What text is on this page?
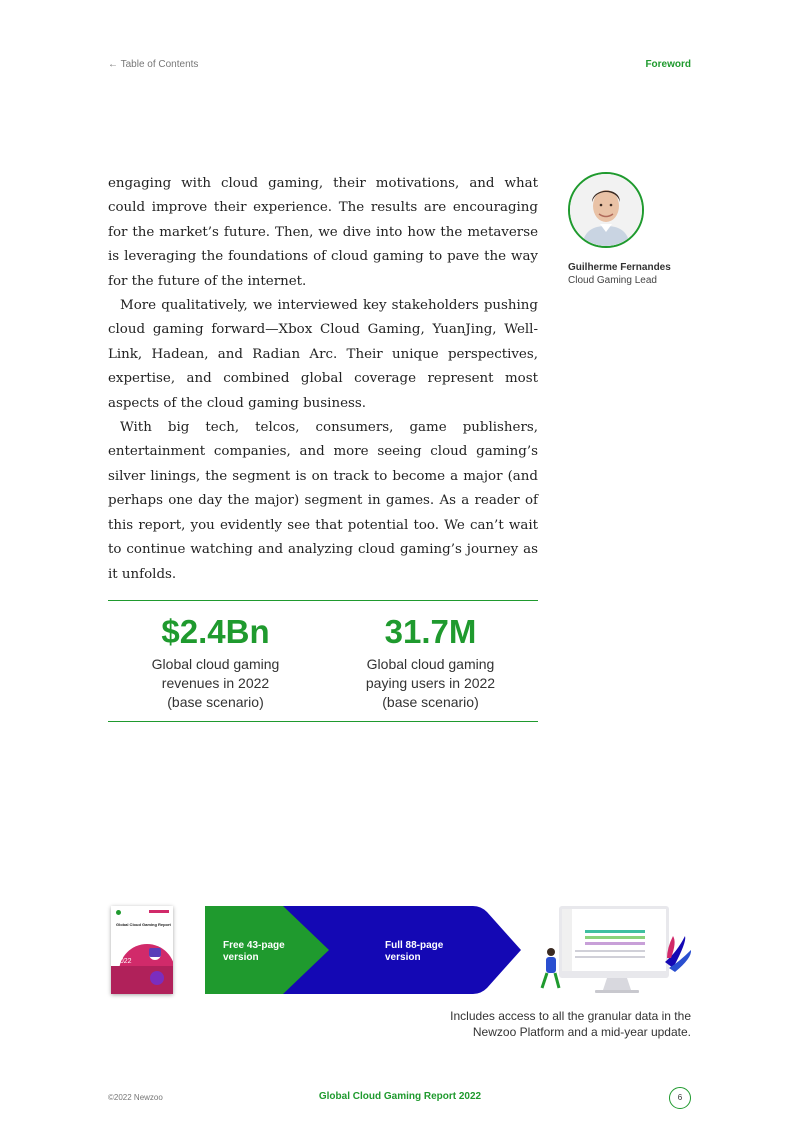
← Table of Contents	Foreword

engaging with cloud gaming, their motivations, and what could improve their experience. The results are encouraging for the market’s future. Then, we dive into how the metaverse is leveraging the foundations of cloud gaming to pave the way for the future of the internet.

More qualitatively, we interviewed key stakeholders pushing cloud gaming forward—Xbox Cloud Gaming, YuanJing, Well-Link, Hadean, and Radian Arc. Their unique perspectives, expertise, and combined global coverage represent most aspects of the cloud gaming business.

With big tech, telcos, consumers, game publishers, entertainment companies, and more seeing cloud gaming’s silver linings, the segment is on track to become a major (and perhaps one day the major) segment in games. As a reader of this report, you evidently see that potential too. We can’t wait to continue watching and analyzing cloud gaming’s journey as it unfolds.

Guilherme Fernandes
Cloud Gaming Lead
$2.4Bn
Global cloud gaming
revenues in 2022
(base scenario)
31.7M
Global cloud gaming
paying users in 2022
(base scenario)
Global Cloud Gaming Report
2022
Free 43-page
version
Full 88-page
version
Includes access to all the granular data in the
Newzoo Platform and a mid-year update.
©2022 Newzoo	Global Cloud Gaming Report 2022	6
